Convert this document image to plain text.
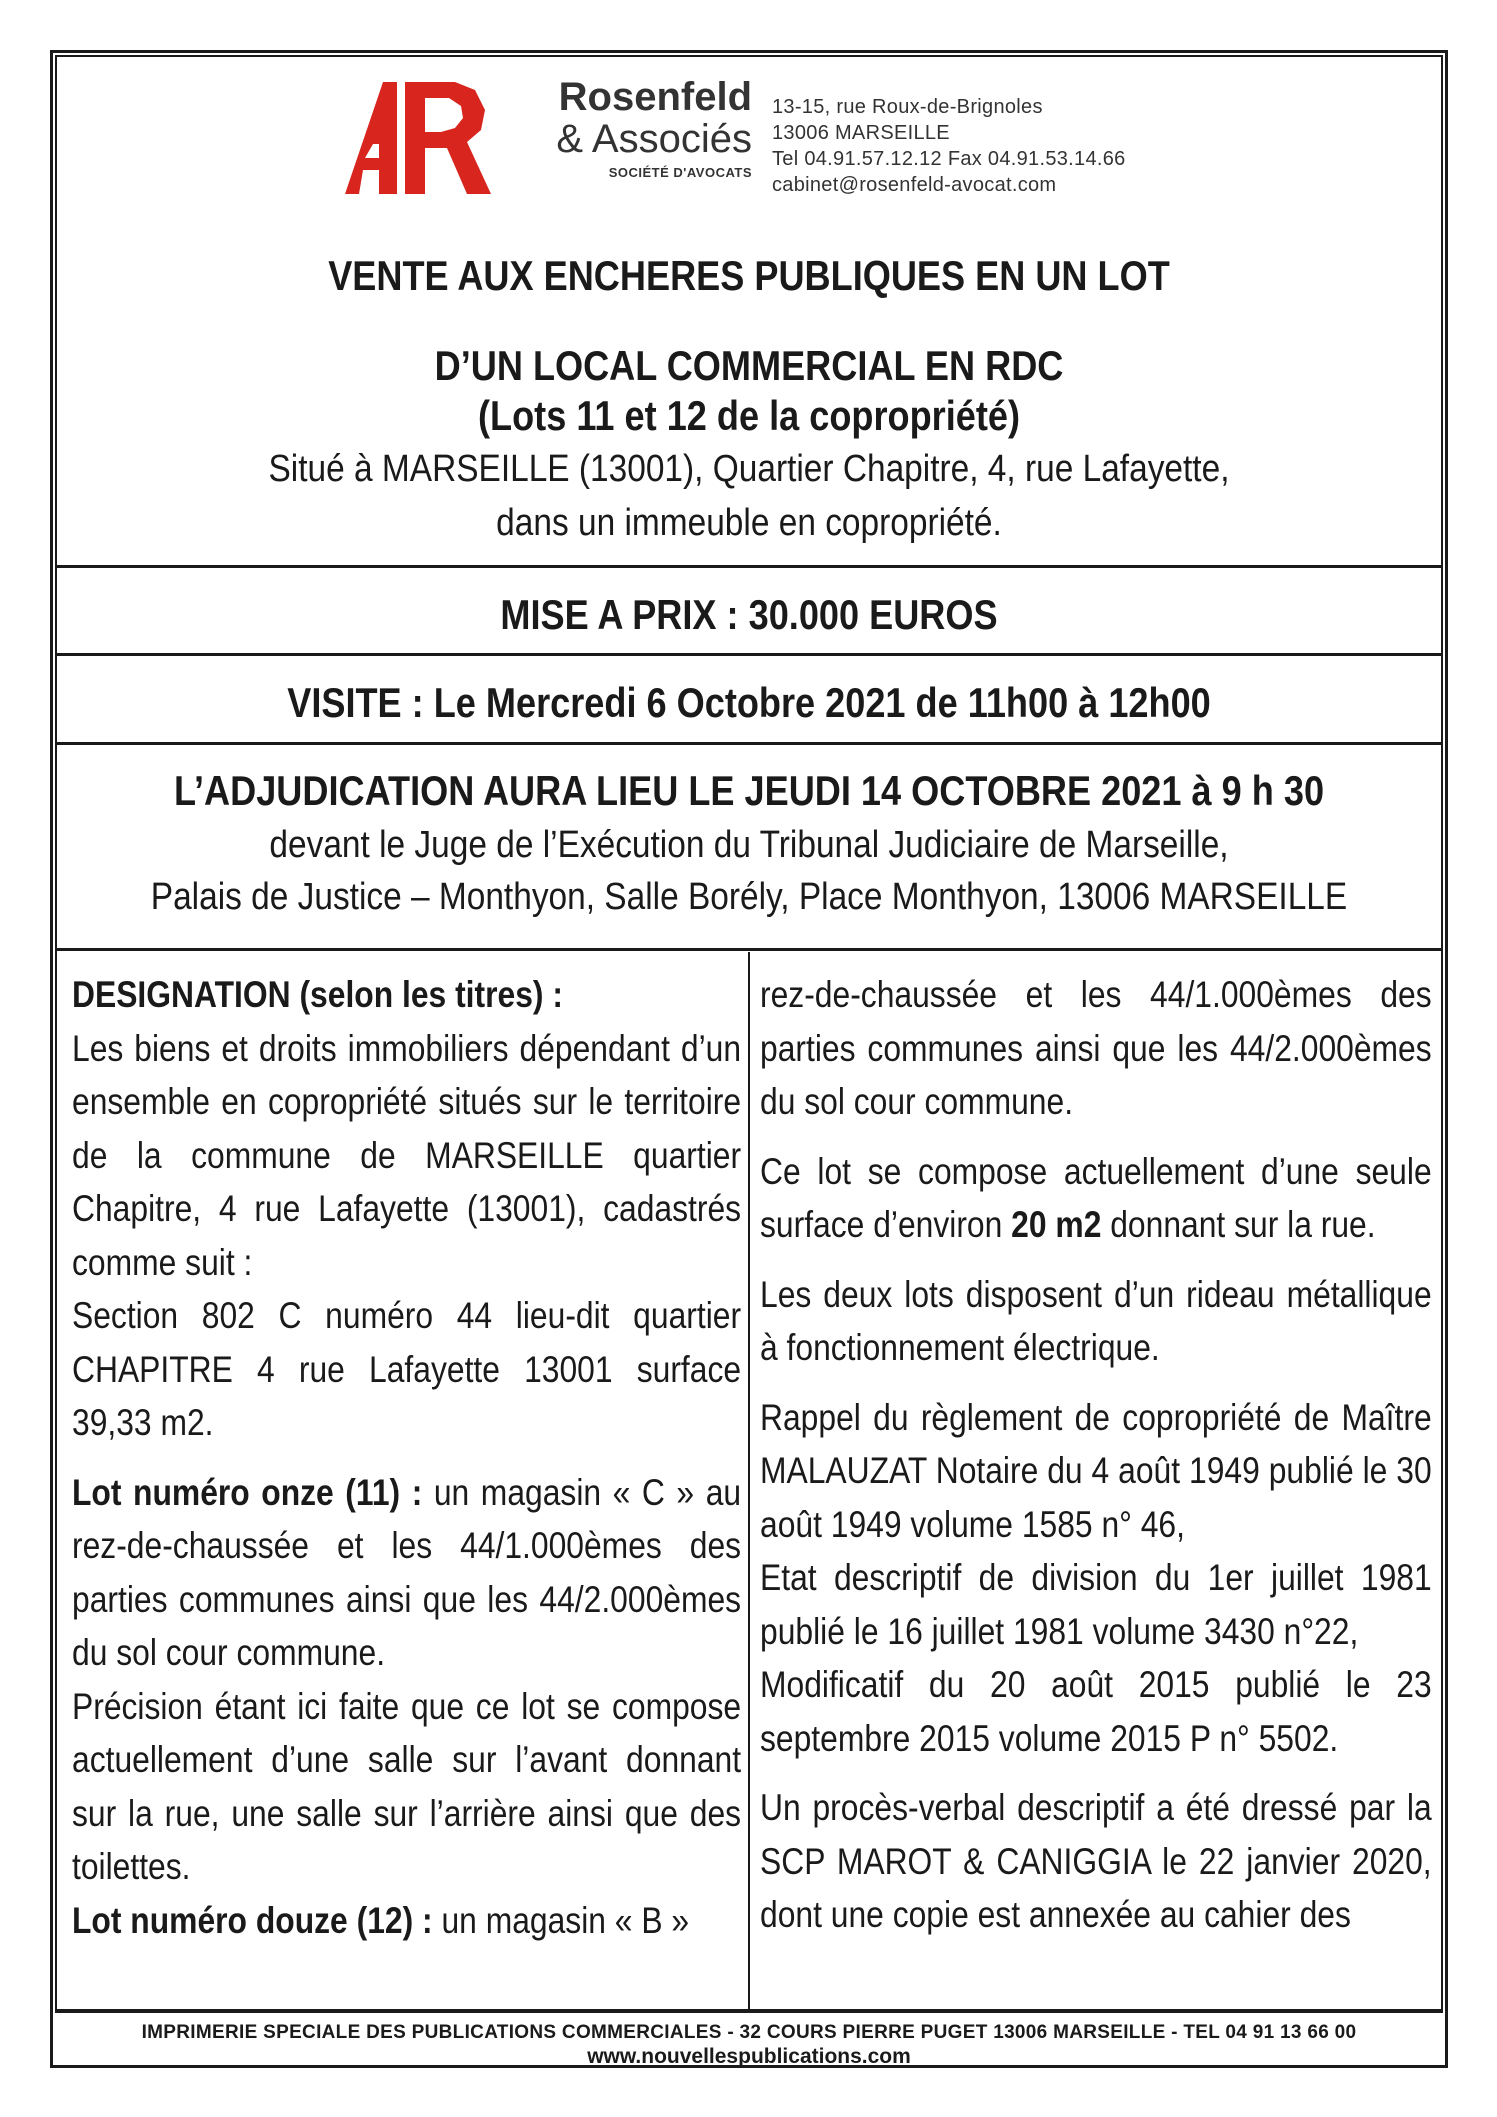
Rosenfeld
& Associés
SOCIÉTÉ D'AVOCATS
13-15, rue Roux-de-Brignoles
13006 MARSEILLE
Tel 04.91.57.12.12 Fax 04.91.53.14.66
cabinet@rosenfeld-avocat.com
VENTE AUX ENCHERES PUBLIQUES EN UN LOT
D’UN LOCAL COMMERCIAL EN RDC
(Lots 11 et 12 de la copropriété)
Situé à MARSEILLE (13001), Quartier Chapitre, 4, rue Lafayette,
dans un immeuble en copropriété.
MISE A PRIX : 30.000 EUROS
VISITE : Le Mercredi 6 Octobre 2021 de 11h00 à 12h00
L’ADJUDICATION AURA LIEU LE JEUDI 14 OCTOBRE 2021 à 9 h 30
devant le Juge de l’Exécution du Tribunal Judiciaire de Marseille,
Palais de Justice – Monthyon, Salle Borély, Place Monthyon, 13006 MARSEILLE

DESIGNATION (selon les titres) :
Les biens et droits immobiliers dépendant d’un ensemble en copropriété situés sur le territoire de la commune de MARSEILLE quartier Chapitre, 4 rue Lafayette (13001), cadastrés comme suit :
Section 802 C numéro 44 lieu-dit quartier CHAPITRE 4 rue Lafayette 13001 surface 39,33 m2.

Lot numéro onze (11) : un magasin « C » au rez-de-chaussée et les 44/1.000èmes des parties communes ainsi que les 44/2.000èmes du sol cour commune.
Précision étant ici faite que ce lot se compose actuellement d’une salle sur l’avant donnant sur la rue, une salle sur l’arrière ainsi que des toilettes.
Lot numéro douze (12) : un magasin « B »

rez-de-chaussée et les 44/1.000èmes des parties communes ainsi que les 44/2.000èmes du sol cour commune.

Ce lot se compose actuellement d’une seule surface d’environ 20 m2 donnant sur la rue.

Les deux lots disposent d’un rideau métallique à fonctionnement électrique.

Rappel du règlement de copropriété de Maître MALAUZAT Notaire du 4 août 1949 publié le 30 août 1949 volume 1585 n° 46,
Etat descriptif de division du 1er juillet 1981 publié le 16 juillet 1981 volume 3430 n°22,
Modificatif du 20 août 2015 publié le 23 septembre 2015 volume 2015 P n° 5502.

Un procès-verbal descriptif a été dressé par la SCP MAROT & CANIGGIA le 22 janvier 2020, dont une copie est annexée au cahier des

IMPRIMERIE SPECIALE DES PUBLICATIONS COMMERCIALES - 32 COURS PIERRE PUGET 13006 MARSEILLE - TEL 04 91 13 66 00
www.nouvellespublications.com
